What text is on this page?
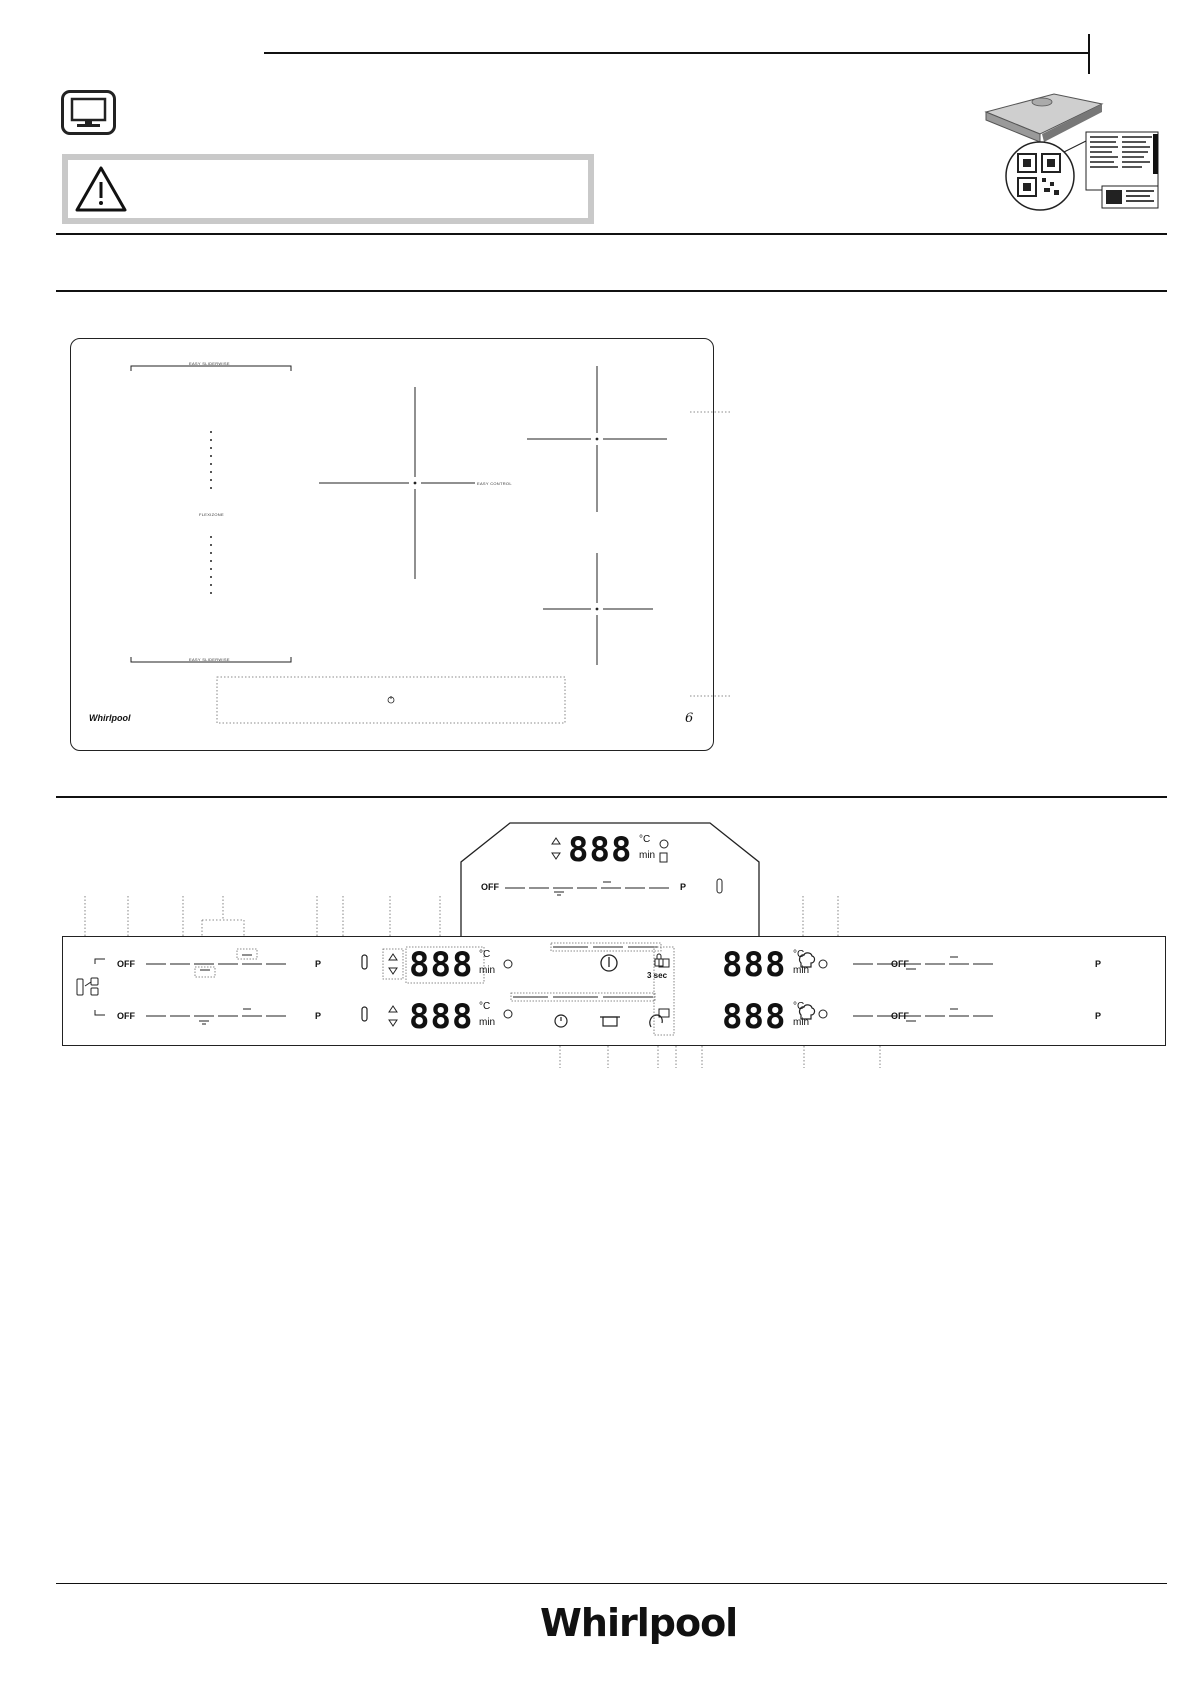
EASY SLIDERWISE
EASY SLIDERWISE
FLEXIZONE
EASY CONTROL
Whirlpool	6
OFF	P
OFF	P
OFF	P
OFF	P
888
888
888
888
°C
min
°C
min
°C
min
°C
min
3 sec
888 °C
min
OFF	P
Whirlpool
